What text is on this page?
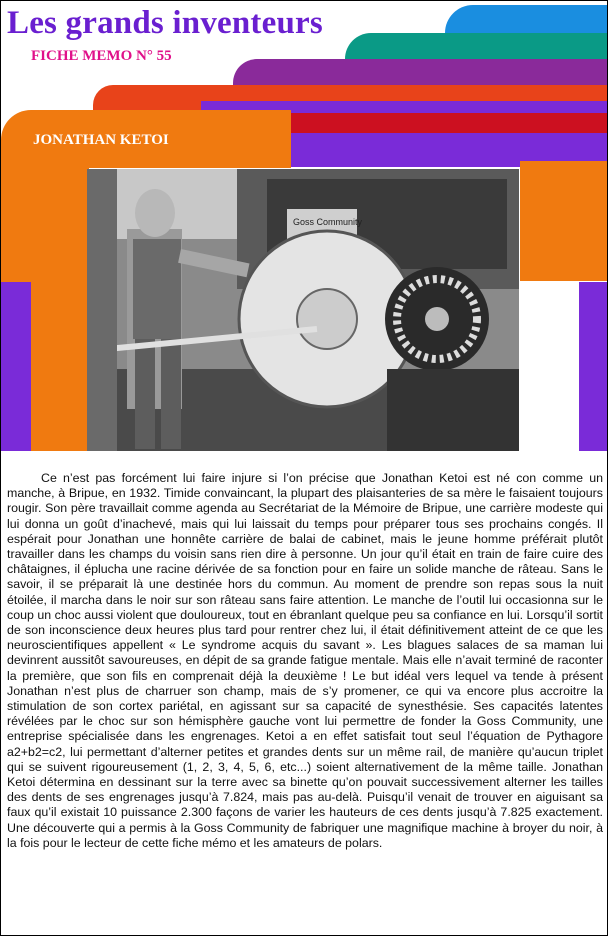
Les grands inventeurs
FICHE MEMO N° 55
JONATHAN KETOI
Goss Community

Ce n’est pas forcément lui faire injure si l’on précise que Jonathan Ketoi est né con comme un manche, à Bripue, en 1932. Timide convaincant, la plupart des plaisanteries de sa mère le faisaient toujours rougir. Son père travaillait comme agenda au Secrétariat de la Mémoire de Bripue, une carrière modeste qui lui donna un goût d’inachevé, mais qui lui laissait du temps pour préparer tous ses prochains congés. Il espérait pour Jonathan une honnête carrière de balai de cabinet, mais le jeune homme préférait plutôt travailler dans les champs du voisin sans rien dire à personne. Un jour qu’il était en train de faire cuire des châtaignes, il éplucha une racine dérivée de sa fonction pour en faire un solide manche de râteau. Sans le savoir, il se préparait là une destinée hors du commun. Au moment de prendre son repas sous la nuit étoilée, il marcha dans le noir sur son râteau sans faire attention. Le manche de l’outil lui occasionna sur le coup un choc aussi violent que douloureux, tout en ébranlant quelque peu sa confiance en lui. Lorsqu’il sortit de son inconscience deux heures plus tard pour rentrer chez lui, il était définitivement atteint de ce que les neuroscientifiques appellent « Le syndrome acquis du savant ». Les blagues salaces de sa maman lui devinrent aussitôt savoureuses, en dépit de sa grande fatigue mentale. Mais elle n’avait terminé de raconter la première, que son fils en comprenait déjà la deuxième ! Le but idéal vers lequel va tende à présent Jonathan n’est plus de charruer son champ, mais de s’y promener, ce qui va encore plus accroitre la stimulation de son cortex pariétal, en agissant sur sa capacité de synesthésie. Ses capacités latentes révélées par le choc sur son hémisphère gauche vont lui permettre de fonder la Goss Community, une entreprise spécialisée dans les engrenages. Ketoi a en effet satisfait tout seul l’équation de Pythagore a2+b2=c2, lui permettant d’alterner petites et grandes dents sur un même rail, de manière qu’aucun triplet qui se suivent rigoureusement (1, 2, 3, 4, 5, 6, etc...) soient alternativement de la même taille. Jonathan Ketoi détermina en dessinant sur la terre avec sa binette qu’on pouvait successivement alterner les tailles des dents de ses engrenages jusqu’à 7.824, mais pas au-delà. Puisqu’il venait de trouver en aiguisant sa faux qu’il existait 10 puissance 2.300 façons de varier les hauteurs de ces dents jusqu’à 7.825 exactement. Une découverte qui a permis à la Goss Community de fabriquer une magnifique machine à broyer du noir, à la fois pour le lecteur de cette fiche mémo et les amateurs de polars.
